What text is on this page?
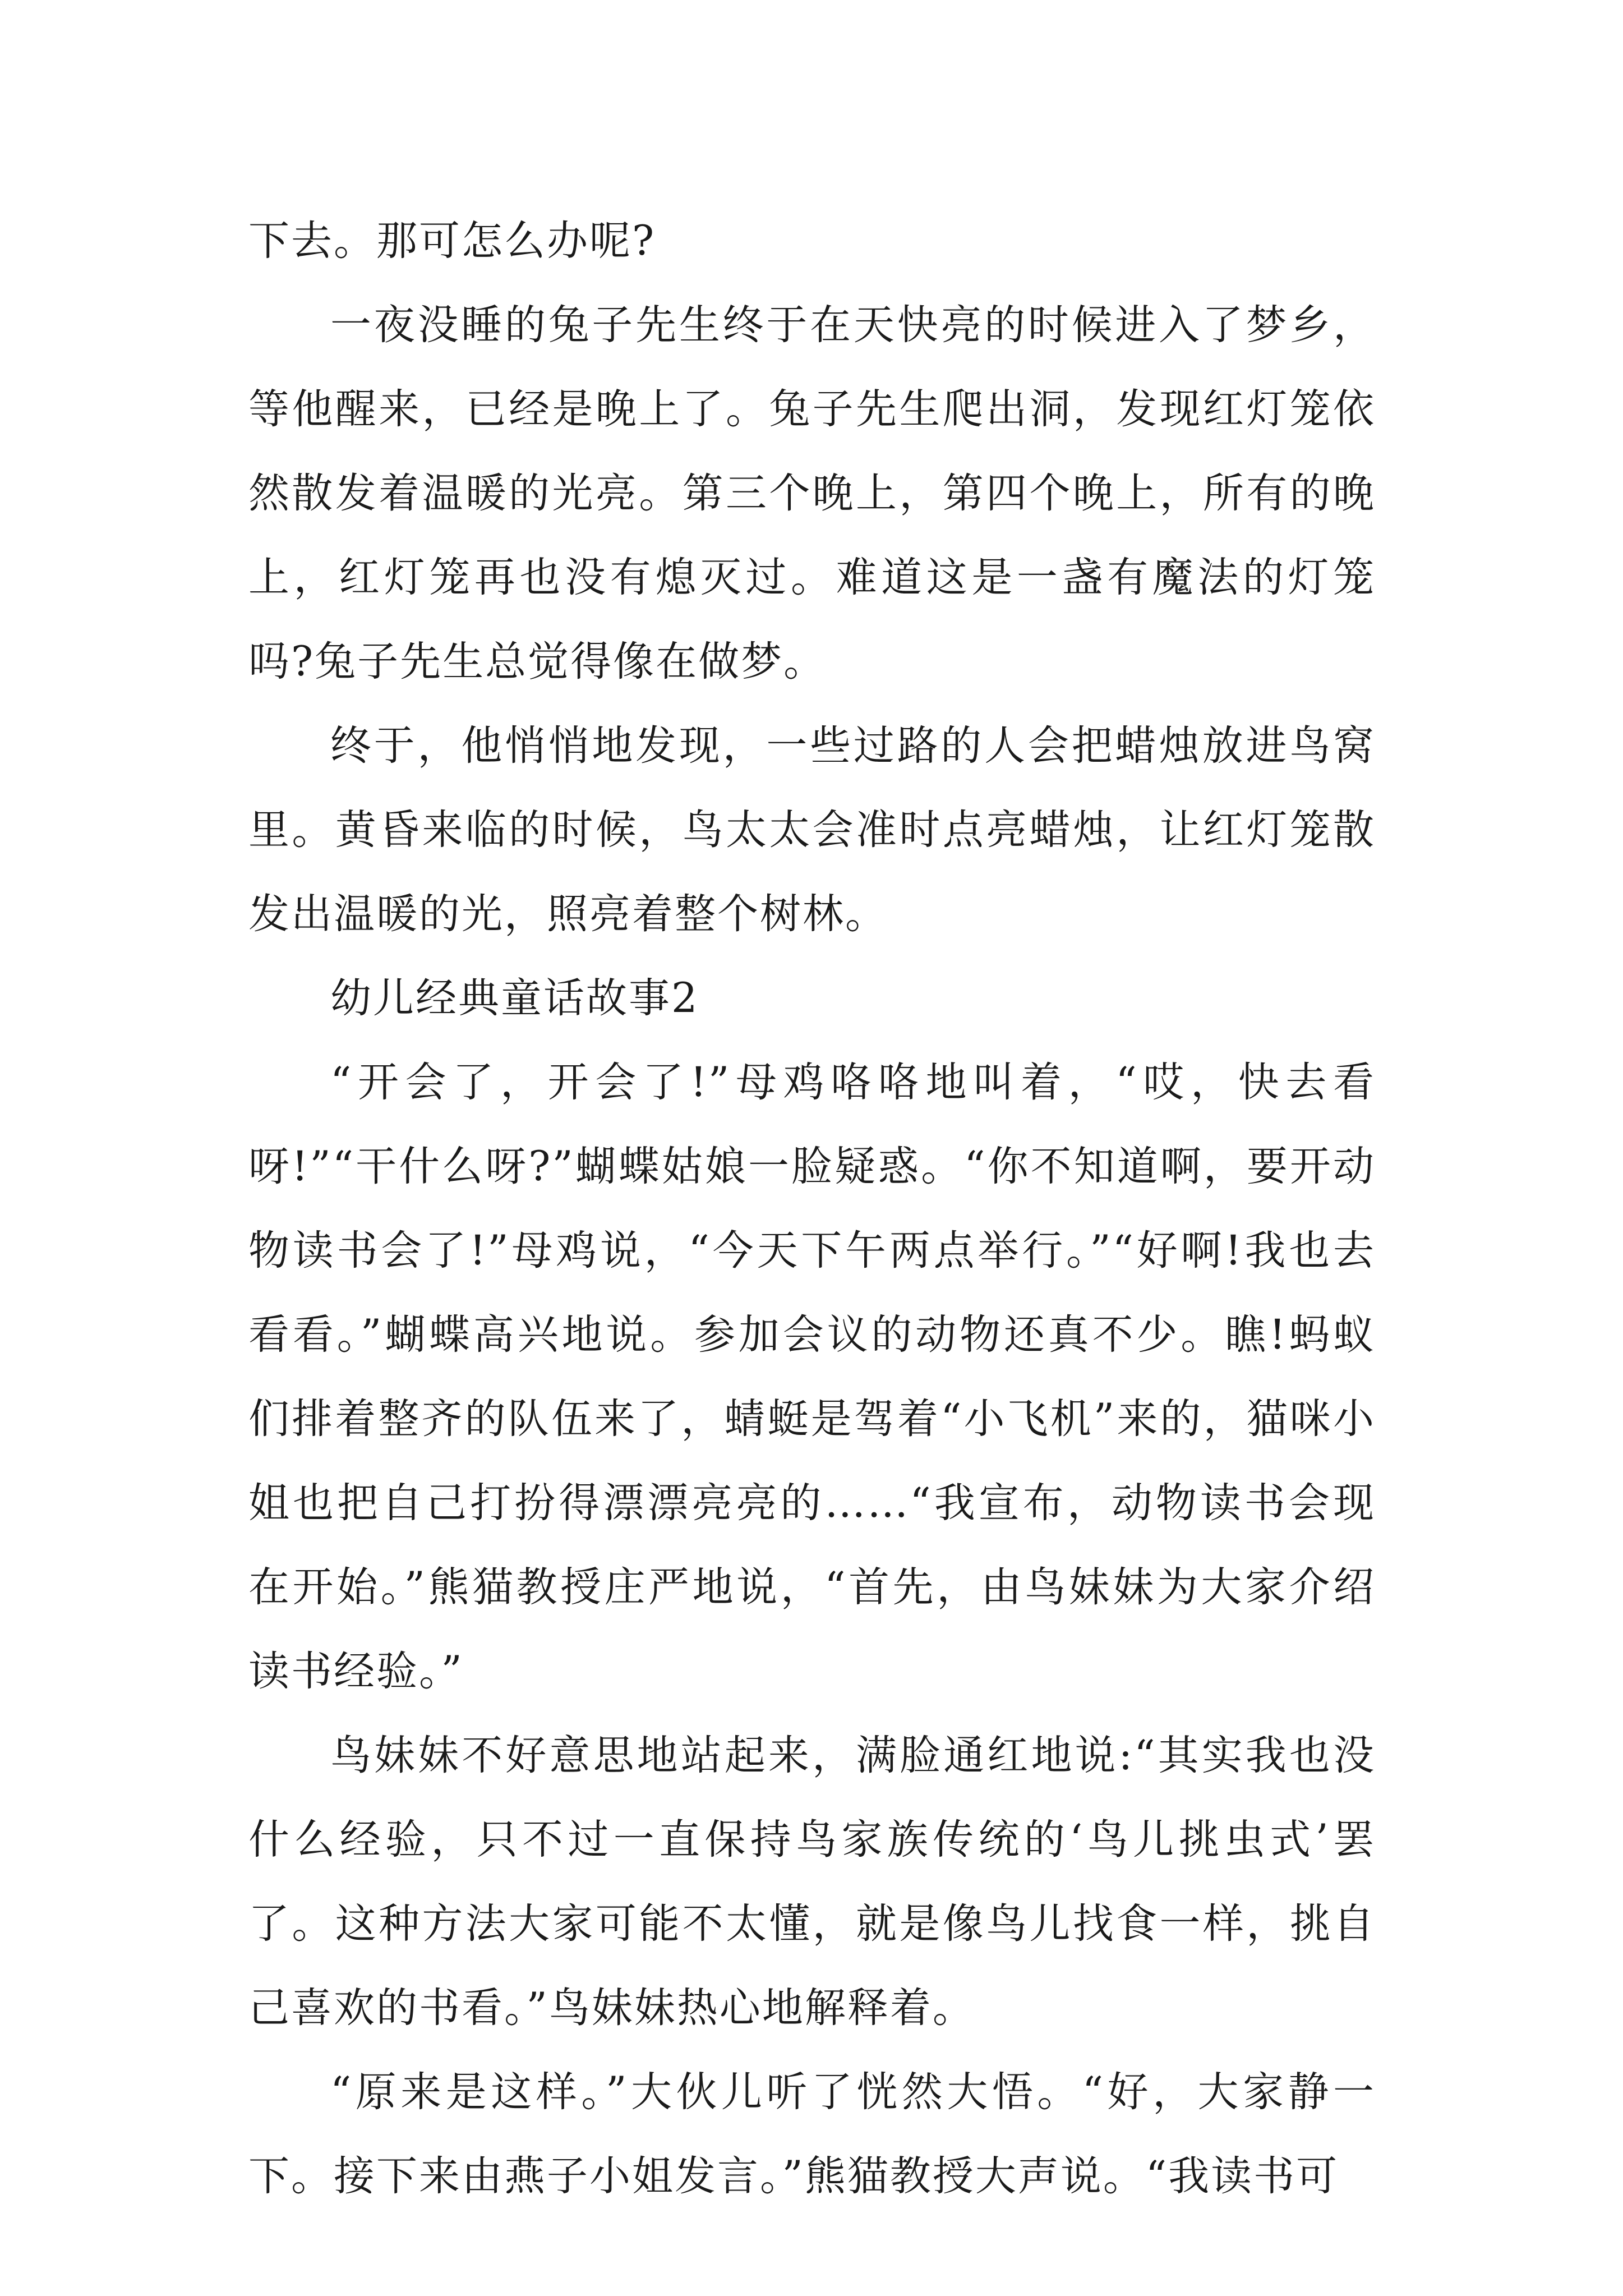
下去。那可怎么办呢?

一夜没睡的兔子先生终于在天快亮的时候进入了梦乡，等他醒来，已经是晚上了。兔子先生爬出洞，发现红灯笼依然散发着温暖的光亮。第三个晚上，第四个晚上，所有的晚上，红灯笼再也没有熄灭过。难道这是一盏有魔法的灯笼吗?兔子先生总觉得像在做梦。

终于，他悄悄地发现，一些过路的人会把蜡烛放进鸟窝里。黄昏来临的时候，鸟太太会准时点亮蜡烛，让红灯笼散发出温暖的光，照亮着整个树林。

幼儿经典童话故事2

“开会了，开会了!”母鸡咯咯地叫着，“哎，快去看呀!”“干什么呀?”蝴蝶姑娘一脸疑惑。“你不知道啊，要开动物读书会了!”母鸡说，“今天下午两点举行。”“好啊!我也去看看。”蝴蝶高兴地说。参加会议的动物还真不少。瞧!蚂蚁们排着整齐的队伍来了，蜻蜓是驾着“小飞机”来的，猫咪小姐也把自己打扮得漂漂亮亮的……“我宣布，动物读书会现在开始。”熊猫教授庄严地说，“首先，由鸟妹妹为大家介绍读书经验。”

鸟妹妹不好意思地站起来，满脸通红地说:“其实我也没什么经验，只不过一直保持鸟家族传统的‘鸟儿挑虫式’罢了。这种方法大家可能不太懂，就是像鸟儿找食一样，挑自己喜欢的书看。”鸟妹妹热心地解释着。

“原来是这样。”大伙儿听了恍然大悟。“好，大家静一下。接下来由燕子小姐发言。”熊猫教授大声说。“我读书可
